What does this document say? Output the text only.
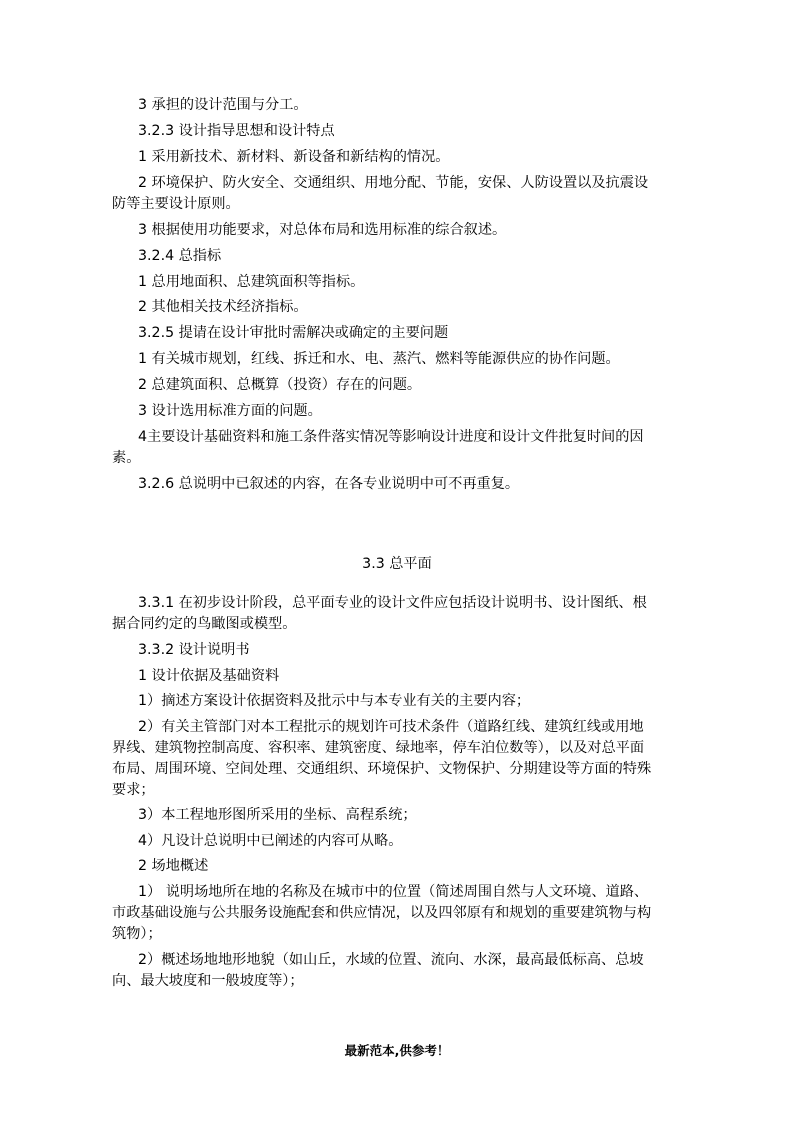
3 承担的设计范围与分工。
3.2.3 设计指导思想和设计特点
1 采用新技术、新材料、新设备和新结构的情况。
2 环境保护、防火安全、交通组织、用地分配、节能，安保、人防设置以及抗震设
防等主要设计原则。
3 根据使用功能要求，对总体布局和选用标准的综合叙述。
3.2.4 总指标
1 总用地面积、总建筑面积等指标。
2 其他相关技术经济指标。
3.2.5 提请在设计审批时需解决或确定的主要问题
1 有关城市规划，红线、拆迁和水、电、蒸汽、燃料等能源供应的协作问题。
2 总建筑面积、总概算（投资）存在的问题。
3 设计选用标准方面的问题。
4主要设计基础资料和施工条件落实情况等影响设计进度和设计文件批复时间的因
素。
3.2.6 总说明中已叙述的内容，在各专业说明中可不再重复。
3.3 总平面
3.3.1 在初步设计阶段，总平面专业的设计文件应包括设计说明书、设计图纸、根
据合同约定的鸟瞰图或模型。
3.3.2 设计说明书
1 设计依据及基础资料
1）摘述方案设计依据资料及批示中与本专业有关的主要内容；
2）有关主管部门对本工程批示的规划许可技术条件（道路红线、建筑红线或用地
界线、建筑物控制高度、容积率、建筑密度、绿地率，停车泊位数等），以及对总平面
布局、周围环境、空间处理、交通组织、环境保护、文物保护、分期建设等方面的特殊
要求；
3）本工程地形图所采用的坐标、高程系统；
4）凡设计总说明中已阐述的内容可从略。
2 场地概述
1） 说明场地所在地的名称及在城市中的位置（简述周围自然与人文环境、道路、
市政基础设施与公共服务设施配套和供应情况，以及四邻原有和规划的重要建筑物与构
筑物）；
2）概述场地地形地貌（如山丘，水域的位置、流向、水深，最高最低标高、总坡
向、最大坡度和一般坡度等）；
最新范本,供参考！
